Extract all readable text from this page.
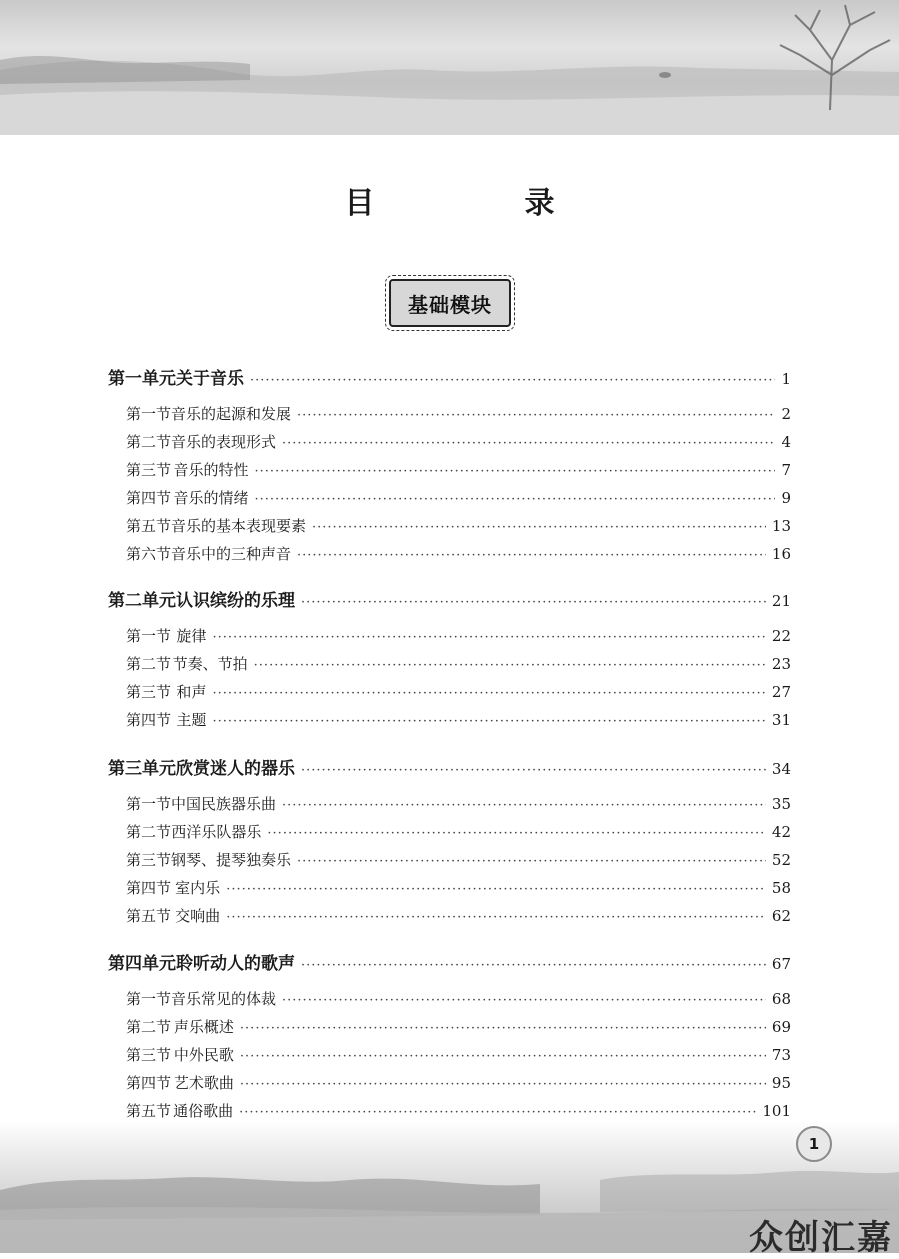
目　录
基础模块
第一单元 关于音乐 ·····	1
第一节 音乐的起源和发展 ·····	2
第二节 音乐的表现形式 ·····	4
第三节 音乐的特性 ·····	7
第四节 音乐的情绪 ·····	9
第五节 音乐的基本表现要素 ·····	13
第六节 音乐中的三种声音 ·····	16
第二单元 认识缤纷的乐理 ·····	21
第一节 旋律 ·····	22
第二节 节奏、节拍 ·····	23
第三节 和声 ·····	27
第四节 主题 ·····	31
第三单元 欣赏迷人的器乐 ·····	34
第一节 中国民族器乐曲 ·····	35
第二节 西洋乐队器乐 ·····	42
第三节 钢琴、提琴独奏乐 ·····	52
第四节 室内乐 ·····	58
第五节 交响曲 ·····	62
第四单元 聆听动人的歌声 ·····	67
第一节 音乐常见的体裁 ·····	68
第二节 声乐概述 ·····	69
第三节 中外民歌 ·····	73
第四节 艺术歌曲 ·····	95
第五节 通俗歌曲 ·····	101
1
众创汇嘉
